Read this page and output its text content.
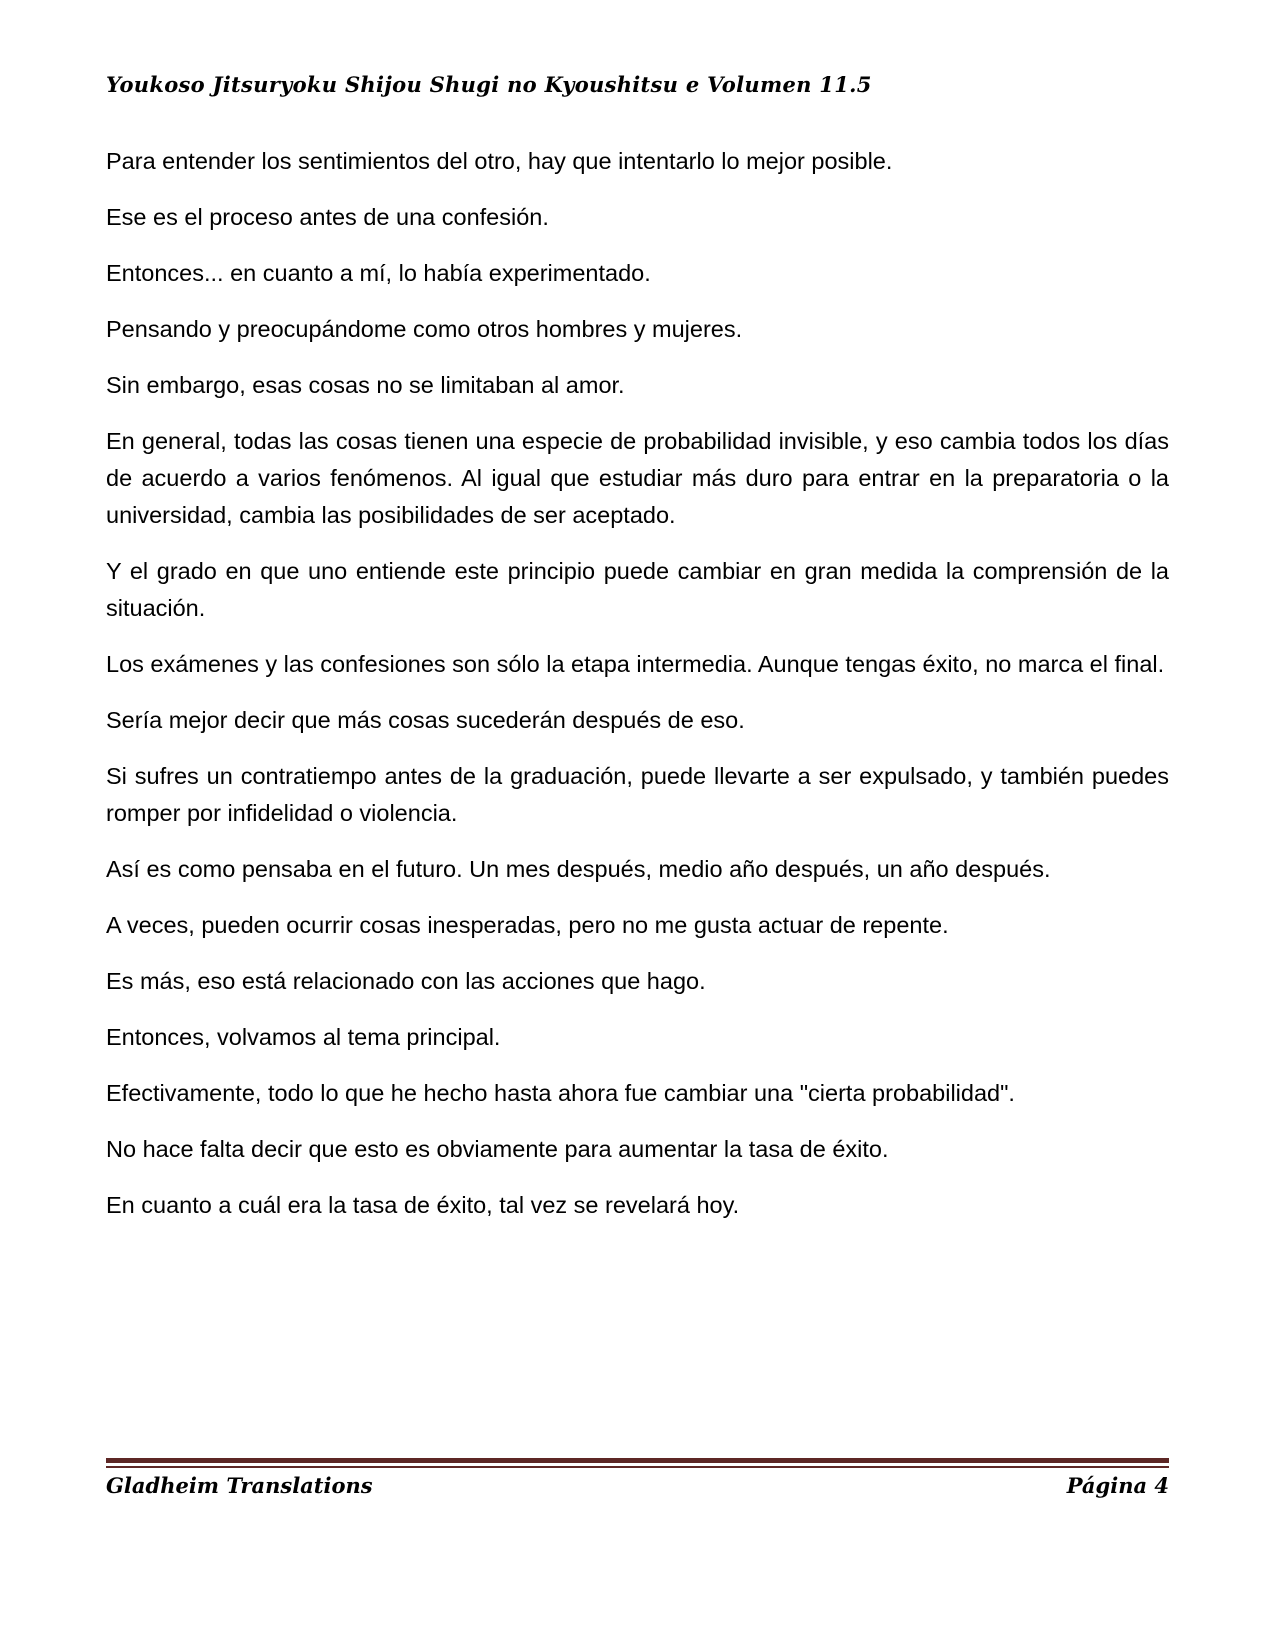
Youkoso Jitsuryoku Shijou Shugi no Kyoushitsu e Volumen 11.5

Para entender los sentimientos del otro, hay que intentarlo lo mejor posible.

Ese es el proceso antes de una confesión.

Entonces... en cuanto a mí, lo había experimentado.

Pensando y preocupándome como otros hombres y mujeres.

Sin embargo, esas cosas no se limitaban al amor.

En general, todas las cosas tienen una especie de probabilidad invisible, y eso cambia todos los días de acuerdo a varios fenómenos. Al igual que estudiar más duro para entrar en la preparatoria o la universidad, cambia las posibilidades de ser aceptado.

Y el grado en que uno entiende este principio puede cambiar en gran medida la comprensión de la situación.

Los exámenes y las confesiones son sólo la etapa intermedia. Aunque tengas éxito, no marca el final.

Sería mejor decir que más cosas sucederán después de eso.

Si sufres un contratiempo antes de la graduación, puede llevarte a ser expulsado, y también puedes romper por infidelidad o violencia.

Así es como pensaba en el futuro. Un mes después, medio año después, un año después.

A veces, pueden ocurrir cosas inesperadas, pero no me gusta actuar de repente.

Es más, eso está relacionado con las acciones que hago.

Entonces, volvamos al tema principal.

Efectivamente, todo lo que he hecho hasta ahora fue cambiar una "cierta probabilidad".

No hace falta decir que esto es obviamente para aumentar la tasa de éxito.

En cuanto a cuál era la tasa de éxito, tal vez se revelará hoy.

Gladheim Translations	Página 4
